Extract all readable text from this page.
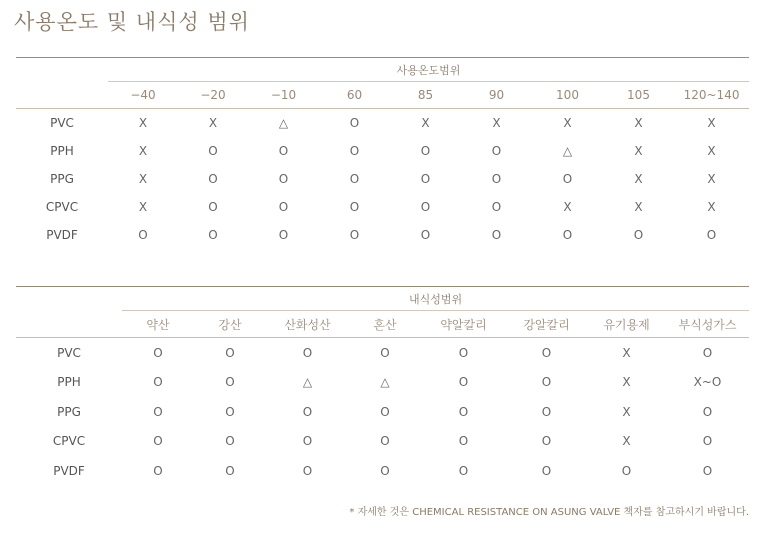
사용온도 및 내식성 범위
	사용온도범위								
	−40	−20	−10	60	85	90	100	105	120~140
PVC	X	X	△	O	X	X	X	X	X
PPH	X	O	O	O	O	O	△	X	X
PPG	X	O	O	O	O	O	O	X	X
CPVC	X	O	O	O	O	O	X	X	X
PVDF	O	O	O	O	O	O	O	O	O
	내식성범위							
	약산	강산	산화성산	혼산	약알칼리	강알칼리	유기용제	부식성가스
PVC	O	O	O	O	O	O	X	O
PPH	O	O	△	△	O	O	X	X~O
PPG	O	O	O	O	O	O	X	O
CPVC	O	O	O	O	O	O	X	O
PVDF	O	O	O	O	O	O	O	O
* 자세한 것은 CHEMICAL RESISTANCE ON ASUNG VALVE 책자를 참고하시기 바랍니다.
